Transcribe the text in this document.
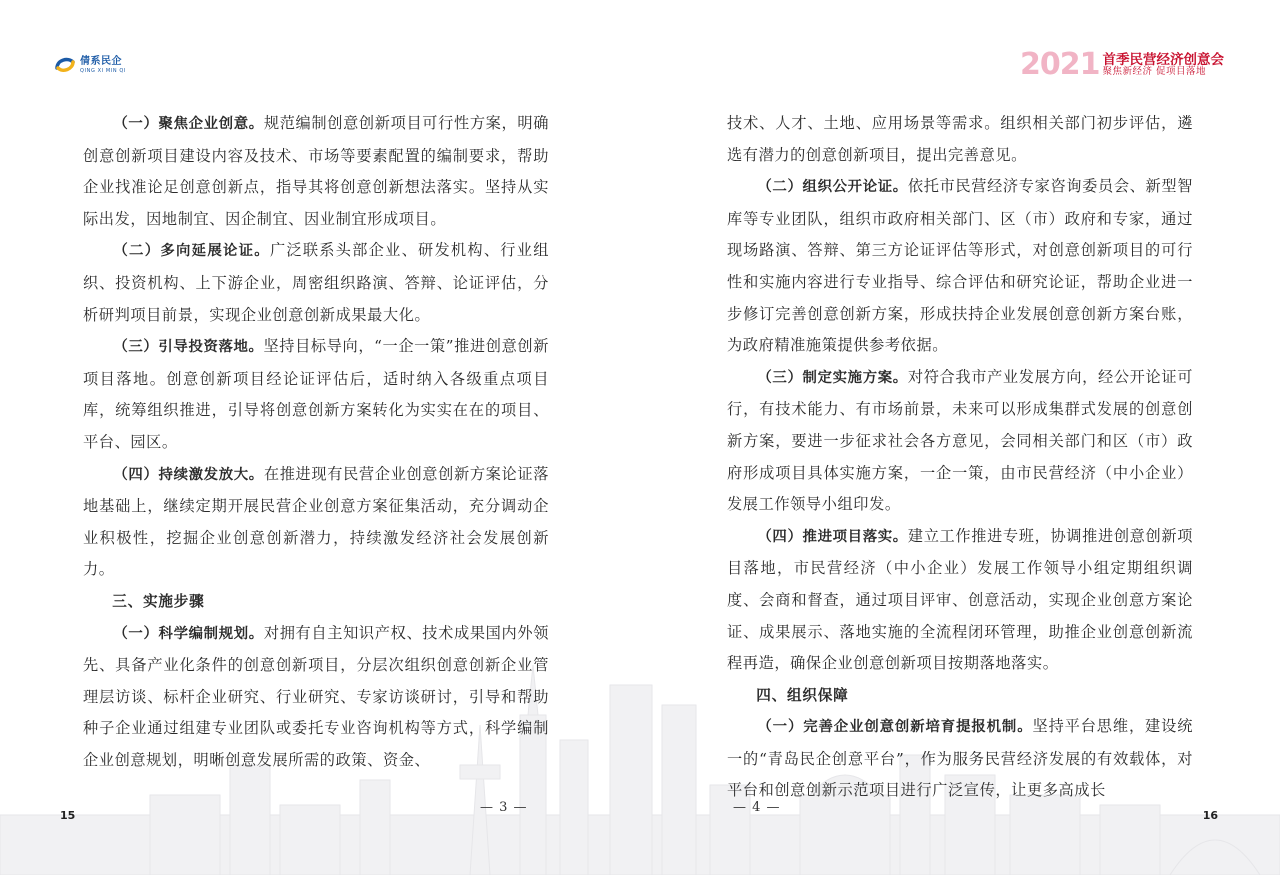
倩系民企
QING XI MIN QI	2021 首季民营经济创意会
聚焦新经济 促项目落地

（一）聚焦企业创意。规范编制创意创新项目可行性方案，明确创意创新项目建设内容及技术、市场等要素配置的编制要求，帮助企业找准论足创意创新点，指导其将创意创新想法落实。坚持从实际出发，因地制宜、因企制宜、因业制宜形成项目。

（二）多向延展论证。广泛联系头部企业、研发机构、行业组织、投资机构、上下游企业，周密组织路演、答辩、论证评估，分析研判项目前景，实现企业创意创新成果最大化。

（三）引导投资落地。坚持目标导向，“一企一策”推进创意创新项目落地。创意创新项目经论证评估后，适时纳入各级重点项目库，统筹组织推进，引导将创意创新方案转化为实实在在的项目、平台、园区。

（四）持续激发放大。在推进现有民营企业创意创新方案论证落地基础上，继续定期开展民营企业创意方案征集活动，充分调动企业积极性，挖掘企业创意创新潜力，持续激发经济社会发展创新力。

三、实施步骤

（一）科学编制规划。对拥有自主知识产权、技术成果国内外领先、具备产业化条件的创意创新项目，分层次组织创意创新企业管理层访谈、标杆企业研究、行业研究、专家访谈研讨，引导和帮助种子企业通过组建专业团队或委托专业咨询机构等方式，科学编制企业创意规划，明晰创意发展所需的政策、资金、

技术、人才、土地、应用场景等需求。组织相关部门初步评估，遴选有潜力的创意创新项目，提出完善意见。

（二）组织公开论证。依托市民营经济专家咨询委员会、新型智库等专业团队，组织市政府相关部门、区（市）政府和专家，通过现场路演、答辩、第三方论证评估等形式，对创意创新项目的可行性和实施内容进行专业指导、综合评估和研究论证，帮助企业进一步修订完善创意创新方案，形成扶持企业发展创意创新方案台账，为政府精准施策提供参考依据。

（三）制定实施方案。对符合我市产业发展方向，经公开论证可行，有技术能力、有市场前景，未来可以形成集群式发展的创意创新方案，要进一步征求社会各方意见，会同相关部门和区（市）政府形成项目具体实施方案，一企一策，由市民营经济（中小企业）发展工作领导小组印发。

（四）推进项目落实。建立工作推进专班，协调推进创意创新项目落地，市民营经济（中小企业）发展工作领导小组定期组织调度、会商和督查，通过项目评审、创意活动，实现企业创意方案论证、成果展示、落地实施的全流程闭环管理，助推企业创意创新流程再造，确保企业创意创新项目按期落地落实。

四、组织保障

（一）完善企业创意创新培育提报机制。坚持平台思维，建设统一的“青岛民企创意平台”，作为服务民营经济发展的有效载体，对平台和创意创新示范项目进行广泛宣传，让更多高成长

— 3 —	— 4 —
15	16
